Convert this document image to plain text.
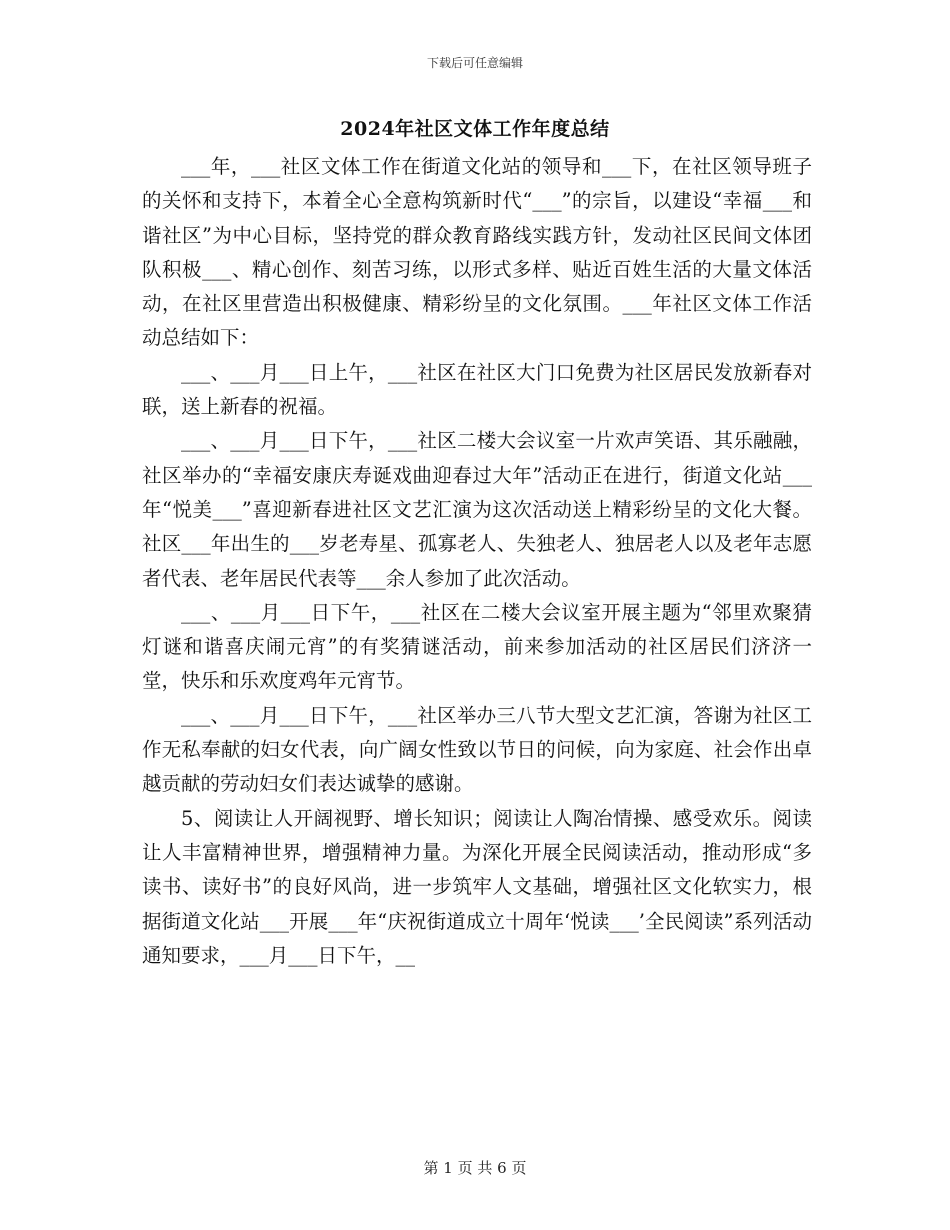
下载后可任意编辑
2024年社区文体工作年度总结

___年，___社区文体工作在街道文化站的领导和___下，在社区领导班子的关怀和支持下，本着全心全意构筑新时代“___”的宗旨，以建设“幸福___和谐社区”为中心目标，坚持党的群众教育路线实践方针，发动社区民间文体团队积极___、精心创作、刻苦习练，以形式多样、贴近百姓生活的大量文体活动，在社区里营造出积极健康、精彩纷呈的文化氛围。___年社区文体工作活动总结如下：

___、___月___日上午，___社区在社区大门口免费为社区居民发放新春对联，送上新春的祝福。

___、___月___日下午，___社区二楼大会议室一片欢声笑语、其乐融融，社区举办的“幸福安康庆寿诞戏曲迎春过大年”活动正在进行，街道文化站___年“悦美___”喜迎新春进社区文艺汇演为这次活动送上精彩纷呈的文化大餐。社区___年出生的___岁老寿星、孤寡老人、失独老人、独居老人以及老年志愿者代表、老年居民代表等___余人参加了此次活动。

___、___月___日下午，___社区在二楼大会议室开展主题为“邻里欢聚猜灯谜和谐喜庆闹元宵”的有奖猜谜活动，前来参加活动的社区居民们济济一堂，快乐和乐欢度鸡年元宵节。

___、___月___日下午，___社区举办三八节大型文艺汇演，答谢为社区工作无私奉献的妇女代表，向广阔女性致以节日的问候，向为家庭、社会作出卓越贡献的劳动妇女们表达诚挚的感谢。

5、阅读让人开阔视野、增长知识；阅读让人陶冶情操、感受欢乐。阅读让人丰富精神世界，增强精神力量。为深化开展全民阅读活动，推动形成“多读书、读好书”的良好风尚，进一步筑牢人文基础，增强社区文化软实力，根据街道文化站___开展___年“庆祝街道成立十周年‘悦读___’全民阅读”系列活动通知要求，___月___日下午，__

第 1 页 共 6 页
